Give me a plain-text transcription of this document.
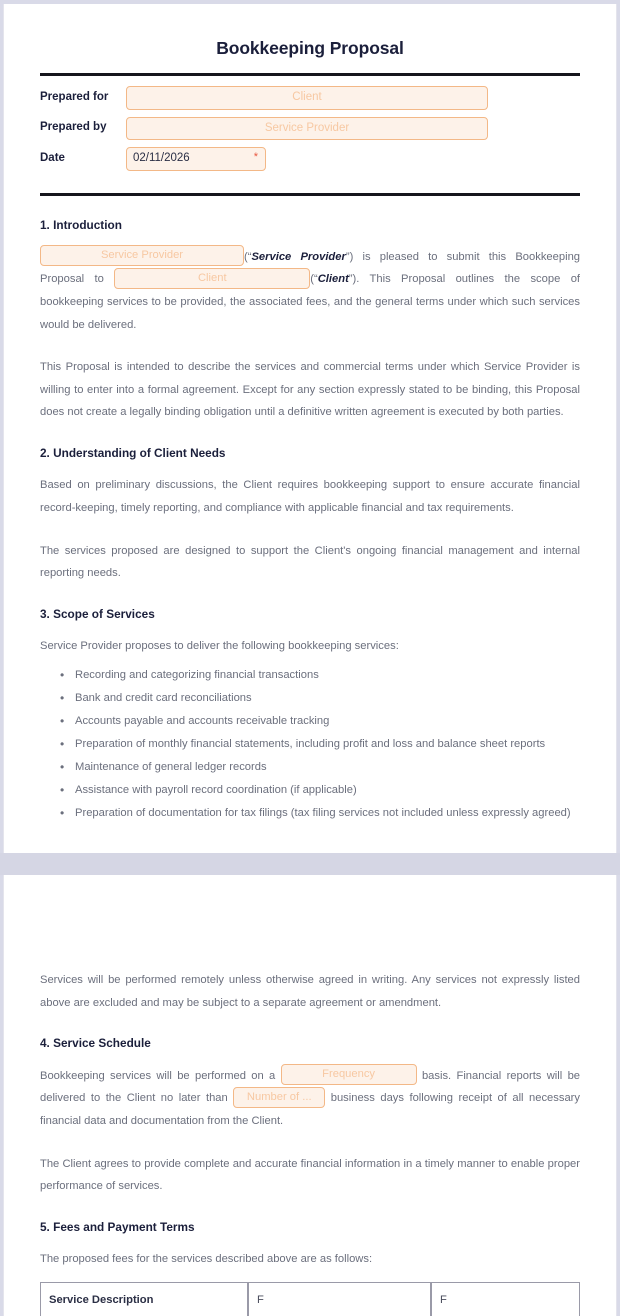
Bookkeeping Proposal
Prepared for	Client
Prepared by	Service Provider
Date	02/11/2026	*
1. Introduction

Service Provider	(“Service Provider”) is pleased to submit this Bookkeeping Proposal to	Client	(“Client”). This Proposal outlines the scope of bookkeeping services to be provided, the associated fees, and the general terms under which such services would be delivered.

This Proposal is intended to describe the services and commercial terms under which Service Provider is willing to enter into a formal agreement. Except for any section expressly stated to be binding, this Proposal does not create a legally binding obligation until a definitive written agreement is executed by both parties.

2. Understanding of Client Needs

Based on preliminary discussions, the Client requires bookkeeping support to ensure accurate financial record-keeping, timely reporting, and compliance with applicable financial and tax requirements.

The services proposed are designed to support the Client's ongoing financial management and internal reporting needs.

3. Scope of Services

Service Provider proposes to deliver the following bookkeeping services:

• Recording and categorizing financial transactions
• Bank and credit card reconciliations
• Accounts payable and accounts receivable tracking
• Preparation of monthly financial statements, including profit and loss and balance sheet reports
• Maintenance of general ledger records
• Assistance with payroll record coordination (if applicable)
• Preparation of documentation for tax filings (tax filing services not included unless expressly agreed)

Services will be performed remotely unless otherwise agreed in writing. Any services not expressly listed above are excluded and may be subject to a separate agreement or amendment.

4. Service Schedule

Bookkeeping services will be performed on a	Frequency	basis. Financial reports will be delivered to the Client no later than Number of ... business days following receipt of all necessary financial data and documentation from the Client.

The Client agrees to provide complete and accurate financial information in a timely manner to enable proper performance of services.

5. Fees and Payment Terms

The proposed fees for the services described above are as follows:

Service Description	F	F
